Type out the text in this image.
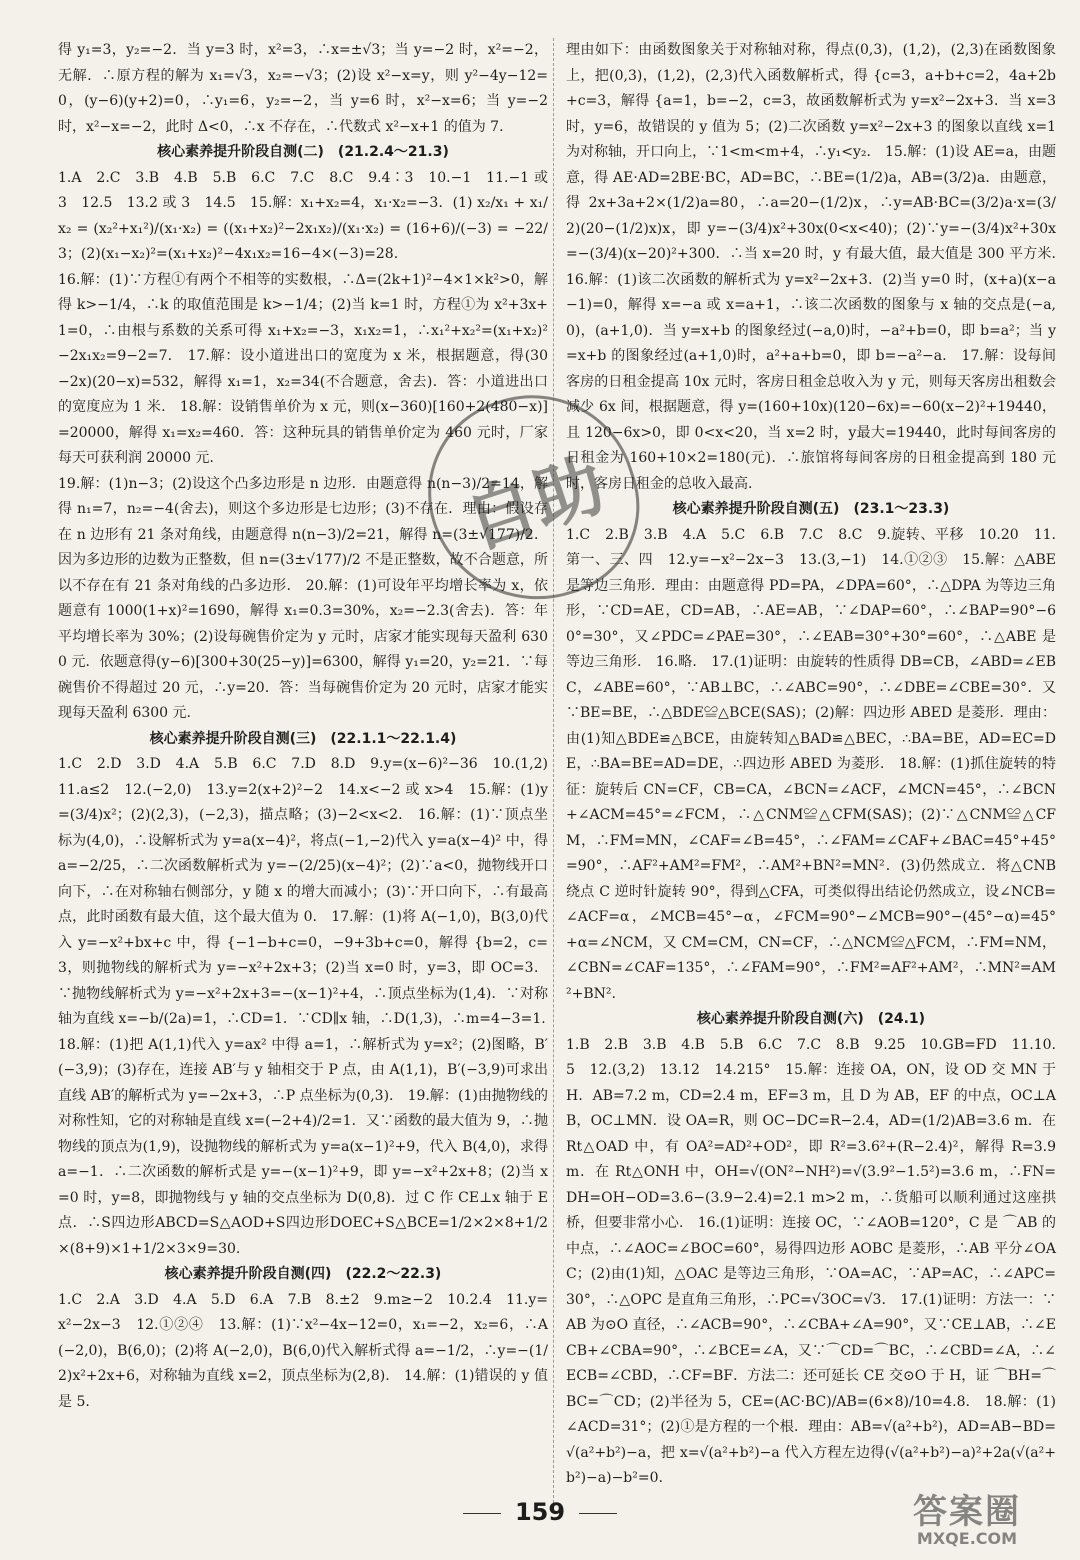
得 y₁=3，y₂=−2．当 y=3 时，x²=3，∴x=±√3；当 y=−2 时，x²=−2，无解．∴原方程的解为 x₁=√3，x₂=−√3；(2)设 x²−x=y，则 y²−4y−12=0，(y−6)(y+2)=0，∴y₁=6，y₂=−2，当 y=6 时，x²−x=6；当 y=−2 时，x²−x=−2，此时 Δ<0，∴x 不存在，∴代数式 x²−x+1 的值为 7.

核心素养提升阶段自测(二) (21.2.4～21.3)

1.A　2.C　3.B　4.B　5.B　6.C　7.C　8.C　9.4∶3　10.−1　11.−1 或 3　12.5　13.2 或 3　14.5　15.解：x₁+x₂=4，x₁·x₂=−3．(1) x₂/x₁ + x₁/x₂ = (x₂²+x₁²)/(x₁·x₂) = ((x₁+x₂)²−2x₁x₂)/(x₁·x₂) = (16+6)/(−3) = −22/3；(2)(x₁−x₂)²=(x₁+x₂)²−4x₁x₂=16−4×(−3)=28.

16.解：(1)∵方程①有两个不相等的实数根，∴Δ=(2k+1)²−4×1×k²>0，解得 k>−1/4，∴k 的取值范围是 k>−1/4；(2)当 k=1 时，方程①为 x²+3x+1=0，∴由根与系数的关系可得 x₁+x₂=−3，x₁x₂=1，∴x₁²+x₂²=(x₁+x₂)²−2x₁x₂=9−2=7.　17.解：设小道进出口的宽度为 x 米，根据题意，得(30−2x)(20−x)=532，解得 x₁=1，x₂=34(不合题意，舍去)．答：小道进出口的宽度应为 1 米.　18.解：设销售单价为 x 元，则(x−360)[160+2(480−x)]=20000，解得 x₁=x₂=460．答：这种玩具的销售单价定为 460 元时，厂家每天可获利润 20000 元.

19.解：(1)n−3；(2)设这个凸多边形是 n 边形．由题意得 n(n−3)/2=14，解得 n₁=7，n₂=−4(舍去)，则这个多边形是七边形；(3)不存在．理由：假设存在 n 边形有 21 条对角线，由题意得 n(n−3)/2=21，解得 n=(3±√177)/2．因为多边形的边数为正整数，但 n=(3±√177)/2 不是正整数，故不合题意，所以不存在有 21 条对角线的凸多边形.　20.解：(1)可设年平均增长率为 x，依题意有 1000(1+x)²=1690，解得 x₁=0.3=30%，x₂=−2.3(舍去)．答：年平均增长率为 30%；(2)设每碗售价定为 y 元时，店家才能实现每天盈利 6300 元．依题意得(y−6)[300+30(25−y)]=6300，解得 y₁=20，y₂=21．∵每碗售价不得超过 20 元，∴y=20．答：当每碗售价定为 20 元时，店家才能实现每天盈利 6300 元.

核心素养提升阶段自测(三) (22.1.1～22.1.4)

1.C　2.D　3.D　4.A　5.B　6.C　7.D　8.D　9.y=(x−6)²−36　10.(1,2)　11.a≤2　12.(−2,0)　13.y=2(x+2)²−2　14.x<−2 或 x>4　15.解：(1)y=(3/4)x²；(2)(2,3)，(−2,3)，描点略；(3)−2<x<2.　16.解：(1)∵顶点坐标为(4,0)，∴设解析式为 y=a(x−4)²，将点(−1,−2)代入 y=a(x−4)² 中，得 a=−2/25，∴二次函数解析式为 y=−(2/25)(x−4)²；(2)∵a<0，抛物线开口向下，∴在对称轴右侧部分，y 随 x 的增大而减小；(3)∵开口向下，∴有最高点，此时函数有最大值，这个最大值为 0.　17.解：(1)将 A(−1,0)，B(3,0)代入 y=−x²+bx+c 中，得 {−1−b+c=0，−9+3b+c=0，解得 {b=2，c=3，则抛物线的解析式为 y=−x²+2x+3；(2)当 x=0 时，y=3，即 OC=3．∵抛物线解析式为 y=−x²+2x+3=−(x−1)²+4，∴顶点坐标为(1,4)．∵对称轴为直线 x=−b/(2a)=1，∴CD=1．∵CD∥x 轴，∴D(1,3)，∴m=4−3=1.

18.解：(1)把 A(1,1)代入 y=ax² 中得 a=1，∴解析式为 y=x²；(2)图略，B′(−3,9)；(3)存在，连接 AB′与 y 轴相交于 P 点，由 A(1,1)，B′(−3,9)可求出直线 AB′的解析式为 y=−2x+3，∴P 点坐标为(0,3).　19.解：(1)由抛物线的对称性知，它的对称轴是直线 x=(−2+4)/2=1．又∵函数的最大值为 9，∴抛物线的顶点为(1,9)，设抛物线的解析式为 y=a(x−1)²+9，代入 B(4,0)，求得 a=−1．∴二次函数的解析式是 y=−(x−1)²+9，即 y=−x²+2x+8；(2)当 x=0 时，y=8，即抛物线与 y 轴的交点坐标为 D(0,8)．过 C 作 CE⊥x 轴于 E 点．∴S四边形ABCD=S△AOD+S四边形DOEC+S△BCE=1/2×2×8+1/2×(8+9)×1+1/2×3×9=30.

核心素养提升阶段自测(四) (22.2～22.3)

1.C　2.A　3.D　4.A　5.D　6.A　7.B　8.±2　9.m≥−2　10.2.4　11.y=x²−2x−3　12.①②④　13.解：(1)∵x²−4x−12=0，x₁=−2，x₂=6，∴A(−2,0)，B(6,0)；(2)将 A(−2,0)，B(6,0)代入解析式得 a=−1/2，∴y=−(1/2)x²+2x+6，对称轴为直线 x=2，顶点坐标为(2,8).　14.解：(1)错误的 y 值是 5.

理由如下：由函数图象关于对称轴对称，得点(0,3)，(1,2)，(2,3)在函数图象上，把(0,3)，(1,2)，(2,3)代入函数解析式，得 {c=3，a+b+c=2，4a+2b+c=3，解得 {a=1，b=−2，c=3，故函数解析式为 y=x²−2x+3．当 x=3 时，y=6，故错误的 y 值为 5；(2)二次函数 y=x²−2x+3 的图象以直线 x=1 为对称轴，开口向上，∵1<m<m+4，∴y₁<y₂.　15.解：(1)设 AE=a，由题意，得 AE·AD=2BE·BC，AD=BC，∴BE=(1/2)a，AB=(3/2)a．由题意，得 2x+3a+2×(1/2)a=80，∴a=20−(1/2)x，∴y=AB·BC=(3/2)a·x=(3/2)(20−(1/2)x)x，即 y=−(3/4)x²+30x(0<x<40)；(2)∵y=−(3/4)x²+30x=−(3/4)(x−20)²+300．∴当 x=20 时，y 有最大值，最大值是 300 平方米.　16.解：(1)该二次函数的解析式为 y=x²−2x+3．(2)当 y=0 时，(x+a)(x−a−1)=0，解得 x=−a 或 x=a+1，∴该二次函数的图象与 x 轴的交点是(−a,0)，(a+1,0)．当 y=x+b 的图象经过(−a,0)时，−a²+b=0，即 b=a²；当 y=x+b 的图象经过(a+1,0)时，a²+a+b=0，即 b=−a²−a.　17.解：设每间客房的日租金提高 10x 元时，客房日租金总收入为 y 元，则每天客房出租数会减少 6x 间，根据题意，得 y=(160+10x)(120−6x)=−60(x−2)²+19440，且 120−6x>0，即 0<x<20，当 x=2 时，y最大=19440，此时每间客房的日租金为 160+10×2=180(元)．∴旅馆将每间客房的日租金提高到 180 元时，客房日租金的总收入最高.

核心素养提升阶段自测(五) (23.1～23.3)

1.C　2.B　3.B　4.A　5.C　6.B　7.C　8.C　9.旋转、平移　10.20　11.第一、三、四　12.y=−x²−2x−3　13.(3,−1)　14.①②③　15.解：△ABE 是等边三角形．理由：由题意得 PD=PA，∠DPA=60°，∴△DPA 为等边三角形，∵CD=AE，CD=AB，∴AE=AB，∵∠DAP=60°，∴∠BAP=90°−60°=30°，又∠PDC=∠PAE=30°，∴∠EAB=30°+30°=60°，∴△ABE 是等边三角形.　16.略.　17.(1)证明：由旋转的性质得 DB=CB，∠ABD=∠EBC，∠ABE=60°，∵AB⊥BC，∴∠ABC=90°，∴∠DBE=∠CBE=30°．又∵BE=BE，∴△BDE≌△BCE(SAS)；(2)解：四边形 ABED 是菱形．理由：由(1)知△BDE≌△BCE，由旋转知△BAD≌△BEC，∴BA=BE，AD=EC=DE，∴BA=BE=AD=DE，∴四边形 ABED 为菱形.　18.解：(1)抓住旋转的特征：旋转后 CN=CF，CB=CA，∠BCN=∠ACF，∠MCN=45°，∴∠BCN+∠ACM=45°=∠FCM，∴△CNM≌△CFM(SAS)；(2)∵△CNM≌△CFM，∴FM=MN，∠CAF=∠B=45°，∴∠FAM=∠CAF+∠BAC=45°+45°=90°，∴AF²+AM²=FM²，∴AM²+BN²=MN²．(3)仍然成立．将△CNB 绕点 C 逆时针旋转 90°，得到△CFA，可类似得出结论仍然成立，设∠NCB=∠ACF=α，∠MCB=45°−α，∠FCM=90°−∠MCB=90°−(45°−α)=45°+α=∠NCM，又 CM=CM，CN=CF，∴△NCM≌△FCM，∴FM=NM，∠CBN=∠CAF=135°，∴∠FAM=90°，∴FM²=AF²+AM²，∴MN²=AM²+BN².

核心素养提升阶段自测(六) (24.1)

1.B　2.B　3.B　4.B　5.B　6.C　7.C　8.B　9.25　10.GB=FD　11.10.5　12.(3,2)　13.12　14.215°　15.解：连接 OA，ON，设 OD 交 MN 于 H．AB=7.2 m，CD=2.4 m，EF=3 m，且 D 为 AB，EF 的中点，OC⊥AB，OC⊥MN．设 OA=R，则 OC−DC=R−2.4，AD=(1/2)AB=3.6 m．在 Rt△OAD 中，有 OA²=AD²+OD²，即 R²=3.6²+(R−2.4)²，解得 R=3.9 m．在 Rt△ONH 中，OH=√(ON²−NH²)=√(3.9²−1.5²)=3.6 m，∴FN=DH=OH−OD=3.6−(3.9−2.4)=2.1 m>2 m，∴货船可以顺利通过这座拱桥，但要非常小心.　16.(1)证明：连接 OC，∵∠AOB=120°，C 是 ⌒AB 的中点，∴∠AOC=∠BOC=60°，易得四边形 AOBC 是菱形，∴AB 平分∠OAC；(2)由(1)知，△OAC 是等边三角形，∵OA=AC，∵AP=AC，∴∠APC=30°，∴△OPC 是直角三角形，∴PC=√3OC=√3.　17.(1)证明：方法一：∵AB 为⊙O 直径，∴∠ACB=90°，∴∠CBA+∠A=90°，又∵CE⊥AB，∴∠ECB+∠CBA=90°，∴∠BCE=∠A，又∵⌒CD=⌒BC，∴∠CBD=∠A，∴∠ECB=∠CBD，∴CF=BF．方法二：还可延长 CE 交⊙O 于 H，证 ⌒BH=⌒BC=⌒CD；(2)半径为 5，CE=(AC·BC)/AB=(6×8)/10=4.8.　18.解：(1)∠ACD=31°；(2)①是方程的一个根．理由：AB=√(a²+b²)，AD=AB−BD=√(a²+b²)−a，把 x=√(a²+b²)−a 代入方程左边得(√(a²+b²)−a)²+2a(√(a²+b²)−a)−b²=0.

自助
159	答案圈
MXQE.COM
